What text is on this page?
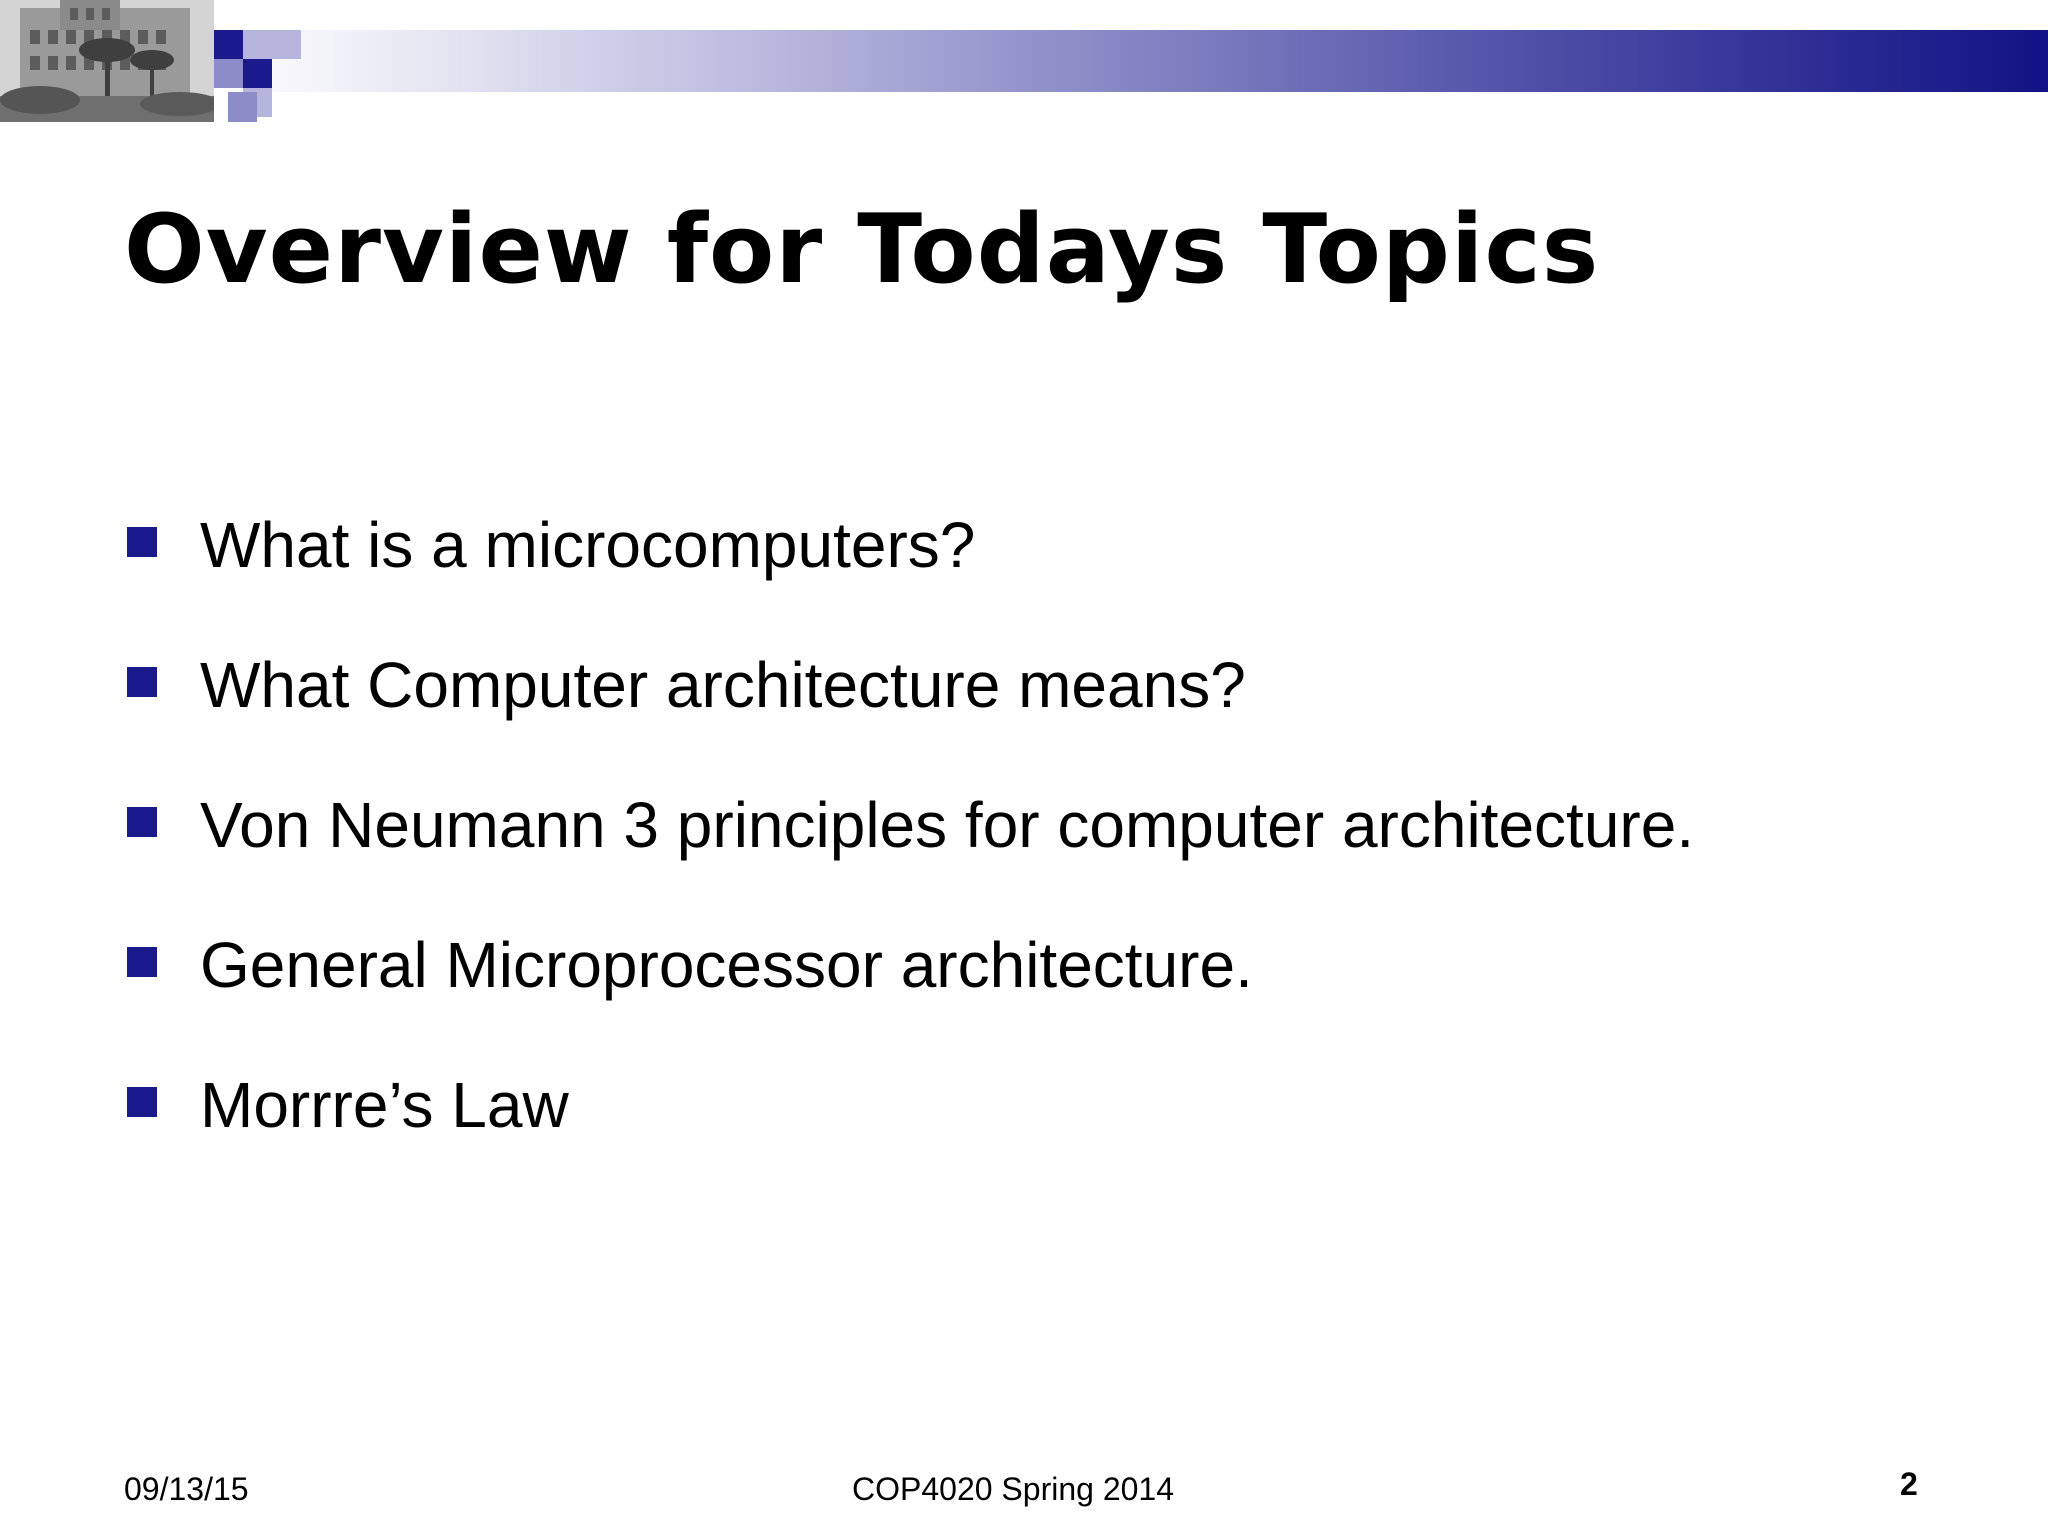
Overview for Todays Topics
What is a microcomputers?
What Computer architecture means?
Von Neumann 3 principles for computer architecture.
General Microprocessor architecture.
Morrre’s Law
09/13/15	COP4020 Spring 2014	2
